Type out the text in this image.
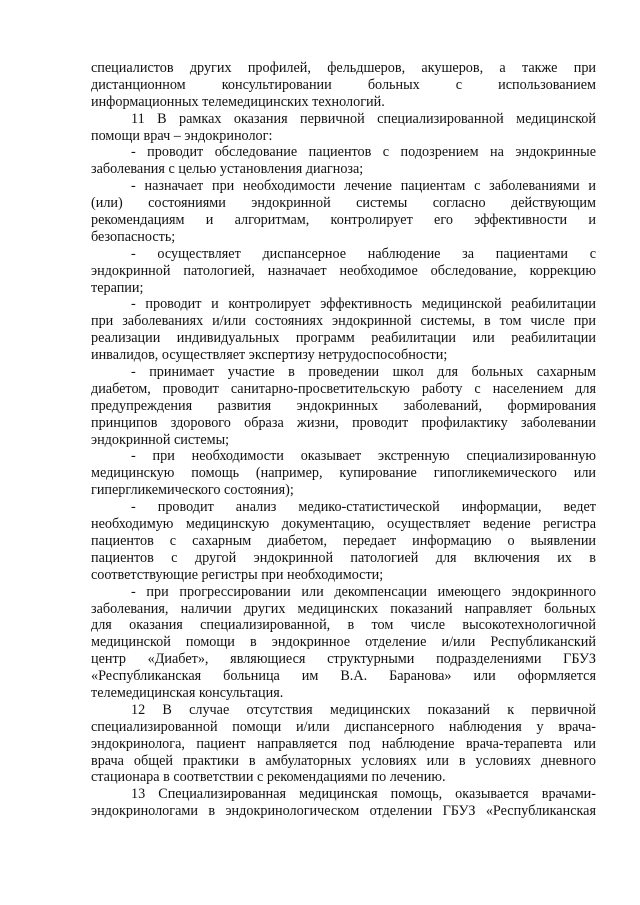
специалистов других профилей, фельдшеров, акушеров, а также при
дистанционном консультировании больных с использованием
информационных телемедицинских технологий.
11 В рамках оказания первичной специализированной медицинской
помощи врач – эндокринолог:
- проводит обследование пациентов с подозрением на эндокринные
заболевания с целью установления диагноза;
- назначает при необходимости лечение пациентам с заболеваниями и
(или) состояниями эндокринной системы согласно действующим
рекомендациям и алгоритмам, контролирует его эффективности и
безопасность;
- осуществляет диспансерное наблюдение за пациентами с
эндокринной патологией, назначает необходимое обследование, коррекцию
терапии;
- проводит и контролирует эффективность медицинской реабилитации
при заболеваниях и/или состояниях эндокринной системы, в том числе при
реализации индивидуальных программ реабилитации или реабилитации
инвалидов, осуществляет экспертизу нетрудоспособности;
- принимает участие в проведении школ для больных сахарным
диабетом, проводит санитарно-просветительскую работу с населением для
предупреждения развития эндокринных заболеваний, формирования
принципов здорового образа жизни, проводит профилактику заболевании
эндокринной системы;
- при необходимости оказывает экстренную специализированную
медицинскую помощь (например, купирование гипогликемического или
гипергликемического состояния);
- проводит анализ медико-статистической информации, ведет
необходимую медицинскую документацию, осуществляет ведение регистра
пациентов с сахарным диабетом, передает информацию о выявлении
пациентов с другой эндокринной патологией для включения их в
соответствующие регистры при необходимости;
- при прогрессировании или декомпенсации имеющего эндокринного
заболевания, наличии других медицинских показаний направляет больных
для оказания специализированной, в том числе высокотехнологичной
медицинской помощи в эндокринное отделение и/или Республиканский
центр «Диабет», являющиеся структурными подразделениями ГБУЗ
«Республиканская больница им В.А. Баранова» или оформляется
телемедицинская консультация.
12 В случае отсутствия медицинских показаний к первичной
специализированной помощи и/или диспансерного наблюдения у врача-
эндокринолога, пациент направляется под наблюдение врача-терапевта или
врача общей практики в амбулаторных условиях или в условиях дневного
стационара в соответствии с рекомендациями по лечению.
13 Специализированная медицинская помощь, оказывается врачами-
эндокринологами в эндокринологическом отделении ГБУЗ «Республиканская
